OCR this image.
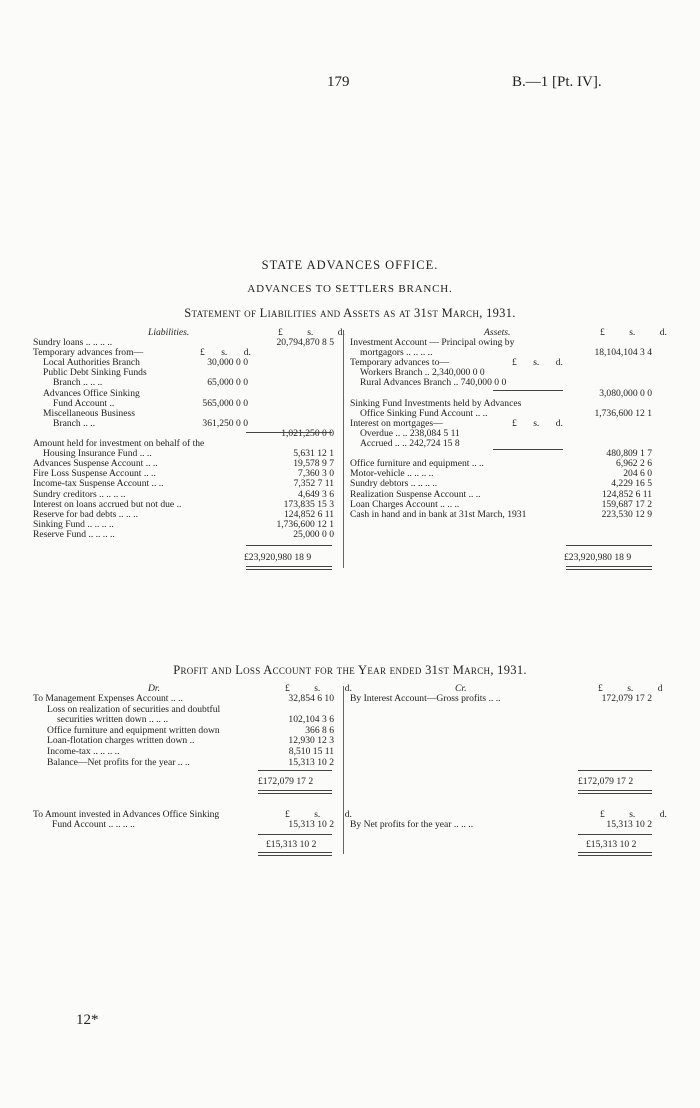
179	B.—1 [Pt. IV].
STATE ADVANCES OFFICE.
ADVANCES TO SETTLERS BRANCH.
Statement of Liabilities and Assets as at 31st March, 1931.
Liabilities.	£ s. d.	Assets.	£ s. d.
Sundry loans .. .. .. ..	20,794,870 8 5
Temporary advances from—
Local Authorities Branch	30,000 0 0
£ s. d.
Public Debt Sinking Funds
Branch .. .. ..	65,000 0 0
Advances Office Sinking
Fund Account ..	565,000 0 0
Miscellaneous Business
Branch .. ..	361,250 0 0
1,021,250 0 0
Amount held for investment on behalf of the
Housing Insurance Fund .. ..	5,631 12 1
Advances Suspense Account .. ..	19,578 9 7
Fire Loss Suspense Account .. ..	7,360 3 0
Income-tax Suspense Account .. ..	7,352 7 11
Sundry creditors .. .. .. ..	4,649 3 6
Interest on loans accrued but not due ..	173,835 15 3
Reserve for bad debts .. .. ..	124,852 6 11
Sinking Fund .. .. .. ..	1,736,600 12 1
Reserve Fund .. .. .. ..	25,000 0 0
£23,920,980 18 9
Investment Account — Principal owing by
mortgagors .. .. .. ..	18,104,104 3 4
Temporary advances to—	£ s. d.
Workers Branch .. 2,340,000 0 0
Rural Advances Branch .. 740,000 0 0
3,080,000 0 0
Sinking Fund Investments held by Advances
Office Sinking Fund Account .. ..	1,736,600 12 1
Interest on mortgages—	£ s. d.
Overdue .. .. 238,084 5 11
Accrued .. .. 242,724 15 8
480,809 1 7
Office furniture and equipment .. ..	6,962 2 6
Motor-vehicle .. .. .. ..	204 6 0
Sundry debtors .. .. .. ..	4,229 16 5
Realization Suspense Account .. ..	124,852 6 11
Loan Charges Account .. .. ..	159,687 17 2
Cash in hand and in bank at 31st March, 1931	223,530 12 9
£23,920,980 18 9
Profit and Loss Account for the Year ended 31st March, 1931.
Dr.	£ s. d.	Cr.	£ s. d
To Management Expenses Account .. ..	32,854 6 10
Loss on realization of securities and doubtful
securities written down .. .. ..	102,104 3 6
Office furniture and equipment written down	366 8 6
Loan-flotation charges written down ..	12,930 12 3
Income-tax .. .. .. ..	8,510 15 11
Balance—Net profits for the year .. ..	15,313 10 2
By Interest Account—Gross profits .. ..	172,079 17 2
£172,079 17 2	£172,079 17 2
£ s. d.	£ s. d.
To Amount invested in Advances Office Sinking
Fund Account .. .. .. ..	15,313 10 2 By Net profits for the year .. .. ..	15,313 10 2
£15,313 10 2	£15,313 10 2
12*
